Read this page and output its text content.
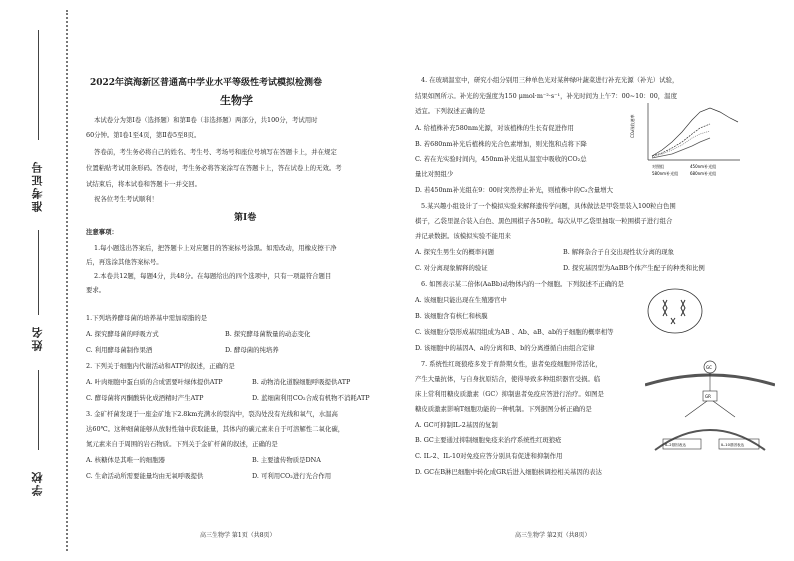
准考证号
姓名
学校
2022年滨海新区普通高中学业水平等级性考试模拟检测卷
生物学
本试卷分为第Ⅰ卷（选择题）和第Ⅱ卷（非选择题）两部分，共100分，考试用时
60分钟。第Ⅰ卷1至4页，第Ⅱ卷5至8页。
答卷前，考生务必将自己的姓名、考生号、考场号和座位号填写在答题卡上，并在规定
位置粘贴考试用条形码。答卷时，考生务必将答案涂写在答题卡上，答在试卷上的无效。考
试结束后，将本试卷和答题卡一并交回。
祝各位考生考试顺利！
第Ⅰ卷
注意事项：
1.每小题选出答案后，把答题卡上对应题目的答案标号涂黑。如需改动，用橡皮擦干净
后，再选涂其他答案标号。
2.本卷共12题，每题4分，共48分。在每题给出的四个选项中，只有一项最符合题目
要求。
1.下列培养酵母菌的培养基中需加琼脂的是
A. 探究酵母菌的呼吸方式	B. 探究酵母菌数量的动态变化
C. 利用酵母菌制作果酒	D. 酵母菌的纯培养
2. 下列关于细胞内代谢活动和ATP的叙述，正确的是
A. 叶肉细胞中蛋白质的合成需要叶绿体提供ATP	B. 动物消化道腺细胞呼吸提供ATP
C. 酵母菌将丙酮酸转化成酒精时产生ATP	D. 蓝细菌利用CO₂合成有机物不消耗ATP
3. 金矿杆菌发现于一座金矿地下2.8km充满水的裂沟中，裂沟处没有光线和氧气，水温高
达60℃。这种细菌能够从放射性铀中获取能量，其体内的碳元素来自于可溶解性二氧化碳，
氮元素来自于周围的岩石物质。下列关于金矿杆菌的叙述，正确的是
A. 核糖体是其唯一的细胞器	B. 主要遗传物质是DNA
C. 生命活动所需要能量均由无氧呼吸提供	D. 可利用CO₂进行光合作用
高三生物学 第1页（共8页）
4. 在玻璃温室中，研究小组分别用三种单色光对某种绿叶蔬菜进行补充光源（补光）试验，
结果如图所示。补光的光强度为150 μmol·m⁻²·s⁻¹，补光时间为上午7：00~10：00，温度
适宜。下列叙述正确的是
A. 给植株补充580nm光源，对该植株的生长有促进作用
B. 若680nm补光后植株的光合色素增加，则光饱和点将下降
C. 若在光实验时间内，450nm补光组从温室中吸收的CO₂总
量比对照组少
D. 若450nm补光组在9：00时突然停止补光，则植株中的C₃含量增大
CO₂吸收速率
对照组	450nm补光组
580nm补光组	680nm补光组
5.某兴趣小组设计了一个模拟实验来解释遗传学问题，具体做法是甲袋里装入100粒白色围
棋子，乙袋里混合装入白色、黑色围棋子各50粒。每次从甲乙袋里抽取一粒围棋子进行组合
并记录数据。该模拟实验不能用来
A. 探究生男生女的概率问题	B. 解释杂合子自交出现性状分离的现象
C. 对分离现象解释的验证	D. 探究基因型为AaBB个体产生配子的种类和比例
6. 如图表示某二倍体(AaBb)动物体内的一个细胞。下列叙述不正确的是
A. 该细胞只能出现在生殖器官中
B. 该细胞含有核仁和核膜
C. 该细胞分裂形成基因组成为AB 、Ab、aB、ab的子细胞的概率相等
D. 该细胞中的基因A、a的分离和B、b的分离遵循自由组合定律
7. 系统性红斑狼疮多发于育龄期女性，患者免疫细胞异常活化，
产生大量抗体，与自身抗原结合，使得导致多种组织器官受损。临
床上常利用糖皮质激素（GC）抑制患者免疫应答进行治疗。如图是
糖皮质激素影响T细胞功能的一种机制。下列据图分析正确的是
A. GC可抑制IL-2基因的复制
B. GC主要通过抑制细胞免疫来治疗系统性红斑狼疮
C. IL-2、IL-10对免疫应答分别具有促进和抑制作用
D. GC在B淋巴细胞中转化成GR后进入细胞核调控相关基因的表达
GC
GR
IL-2基因表达	IL-10基因表达
高三生物学 第2页（共8页）
